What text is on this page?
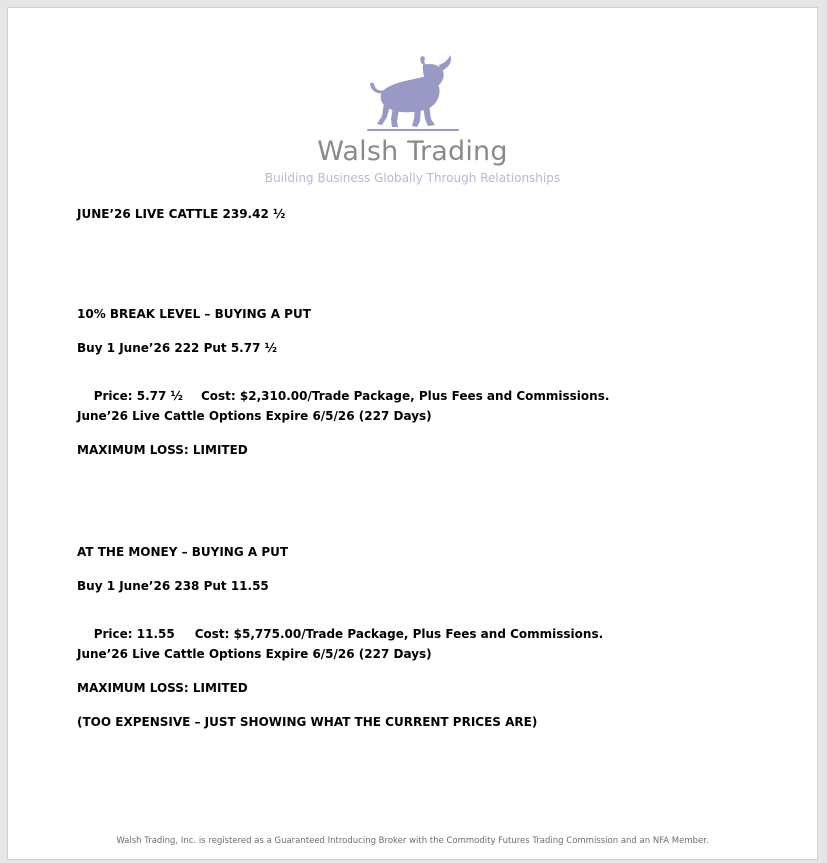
Walsh Trading
Building Business Globally Through Relationships
JUNE’26 LIVE CATTLE 239.42 ½
10% BREAK LEVEL – BUYING A PUT
Buy 1 June’26 222 Put 5.77 ½

Price: 5.77 ½ Cost: $2,310.00/Trade Package, Plus Fees and Commissions.

June’26 Live Cattle Options Expire 6/5/26 (227 Days)
MAXIMUM LOSS: LIMITED
AT THE MONEY – BUYING A PUT
Buy 1 June’26 238 Put 11.55

Price: 11.55 Cost: $5,775.00/Trade Package, Plus Fees and Commissions.

June’26 Live Cattle Options Expire 6/5/26 (227 Days)
MAXIMUM LOSS: LIMITED
(TOO EXPENSIVE – JUST SHOWING WHAT THE CURRENT PRICES ARE)
Walsh Trading, Inc. is registered as a Guaranteed Introducing Broker with the Commodity Futures Trading Commission and an NFA Member.
